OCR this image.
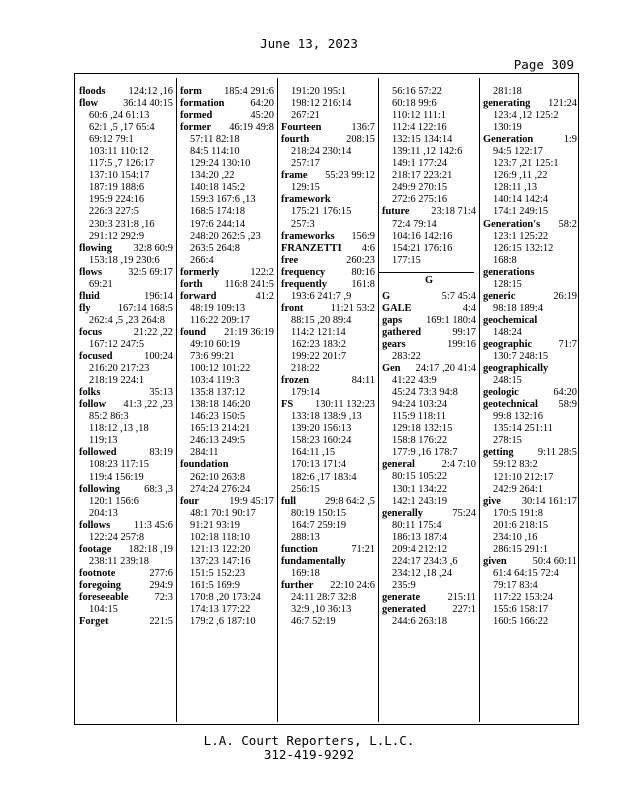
June 13, 2023
Page 309
floods 124:12 ,16
flow 36:14 40:15
60:6 ,24 61:13
62:1 ,5 ,17 65:4
69:12 79:1
103:11 110:12
117:5 ,7 126:17
137:10 154:17
187:19 188:6
195:9 224:16
226:3 227:5
230:3 231:8 ,16
291:12 292:9
flowing 32:8 60:9
153:18 ,19 230:6
flows	32:5 69:17
69:21
fluid	196:14
fly	167:14 168:5
262:4 ,5 ,23 264:8
focus	21:22 ,22
167:12 247:5
focused	100:24
216:20 217:23
218:19 224:1
folks	35:13
follow 41:3 ,22 ,23
85:2 86:3
118:12 ,13 ,18
119:13
followed	83:19
108:23 117:15
119:4 156:19
following 68:3 ,3
120:1 156:6
204:13
follows 11:3 45:6
122:24 257:8
footage 182:18 ,19
238:11 239:18
footnote	277:6
foregoing	294:9
foreseeable	72:3
104:15
Forget	221:5
form 185:4 291:6
formation 64:20
formed	45:20
former 46:19 49:8
57:11 82:18
84:5 114:10
129:24 130:10
134:20 ,22
140:18 145:2
159:3 167:6 ,13
168:5 174:18
197:6 244:14
248:20 262:5 ,23
263:5 264:8
266:4
formerly	122:2
forth 116:8 241:5
forward	41:2
48:19 109:13
116:22 209:17
found 21:19 36:19
49:10 60:19
73:6 99:21
100:12 101:22
103:4 119:3
135:8 137:12
138:18 146:20
146:23 150:5
165:13 214:21
246:13 249:5
284:11
foundation
262:10 263:8
274:24 276:24
four	19:9 45:17
48:1 70:1 90:17
91:21 93:19
102:18 118:10
121:13 122:20
137:23 147:16
151:5 152:23
161:5 169:9
170:8 ,20 173:24
174:13 177:22
179:2 ,6 187:10
191:20 195:1
198:12 216:14
267:21
Fourteen	136:7
fourth	208:15
218:24 230:14
257:17
frame 55:23 99:12
129:15
framework
175:21 176:15
257:3
frameworks 156:9
FRANZETTI 4:6
free	260:23
frequency	80:16
frequently 161:8
193:6 241:7 ,9
front	11:21 53:2
88:15 ,20 89:4
114:2 121:14
162:23 183:2
199:22 201:7
218:22
frozen	84:11
179:14
FS 130:11 132:23
133:18 138:9 ,13
139:20 156:13
158:23 160:24
164:11 ,15
170:13 171:4
182:6 ,17 183:4
256:15
full	29:8 64:2 ,5
80:19 150:15
164:7 259:19
288:13
function	71:21
fundamentally
169:18
further 22:10 24:6
24:11 28:7 32:8
32:9 ,10 36:13
46:7 52:19
56:16 57:22
60:18 99:6
110:12 111:1
112:4 122:16
132:15 134:14
139:11 ,12 142:6
149:1 177:24
218:17 223:21
249:9 270:15
272:6 275:16
future 23:18 71:4
72:4 79:14
104:16 142:16
154:21 176:16
177:15
G
G	5:7 45:4
GALE	4:4
gaps 169:1 180:4
gathered	99:17
gears	199:16
283:22
Gen 24:17 ,20 41:4
41:22 43:9
45:24 73:3 94:8
94:24 103:24
115:9 118:11
129:18 132:15
158:8 176:22
177:9 ,16 178:7
general	2:4 7:10
80:15 105:22
130:1 134:22
142:1 243:19
generally	75:24
80:11 175:4
186:13 187:4
209:4 212:12
224:17 234:3 ,6
234:12 ,18 ,24
235:9
generate	215:11
generated	227:1
244:6 263:18
281:18
generating 121:24
123:4 ,12 125:2
130:19
Generation	1:9
94:5 122:17
123:7 ,21 125:1
126:9 ,11 ,22
128:11 ,13
140:14 142:4
174:1 249:15
Generation's 58:2
123:1 125:22
126:15 132:12
168:8
generations
128:15
generic	26:19
98:18 189:4
geochemical
148:24
geographic	71:7
130:7 248:15
geographically
248:15
geologic	64:20
geotechnical 58:9
99:8 132:16
135:14 251:11
278:15
getting 9:11 28:5
59:12 83:2
121:10 212:17
242:9 264:1
give 30:14 161:17
170:5 191:8
201:6 218:15
234:10 ,16
286:15 291:1
given 50:4 60:11
61:4 64:15 72:4
79:17 83:4
117:22 153:24
155:6 158:17
160:5 166:22
L.A. Court Reporters, L.L.C.
312-419-9292
